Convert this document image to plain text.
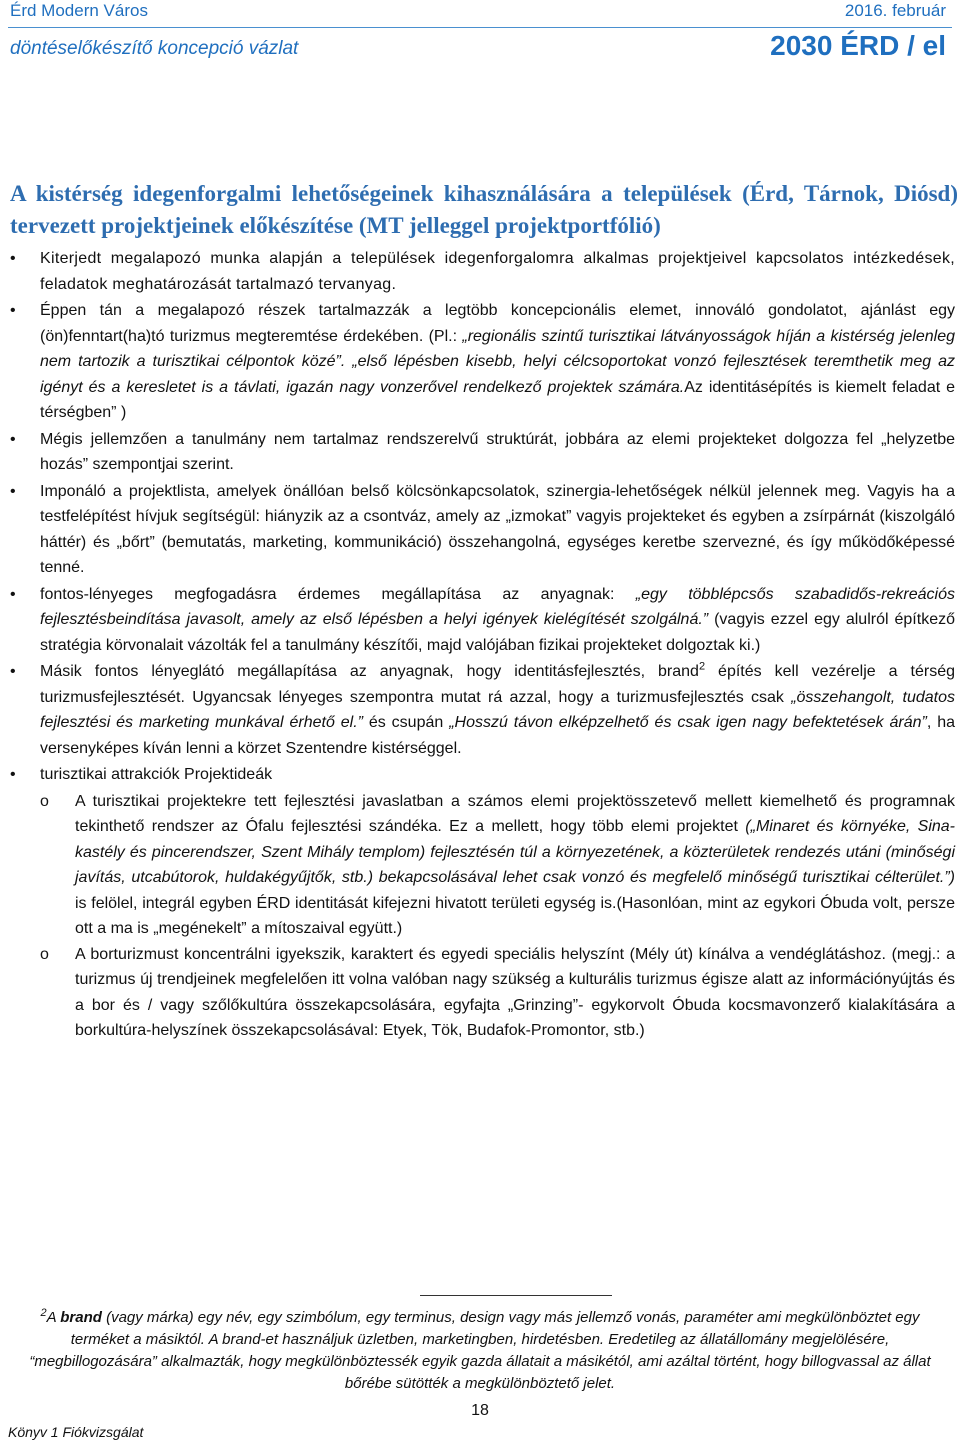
Érd Modern Város	2016. február
döntéselőkészítő koncepció vázlat	2030 ÉRD / el
A kistérség idegenforgalmi lehetőségeinek kihasználására a települések (Érd, Tárnok, Diósd) tervezett projektjeinek előkészítése (MT jelleggel projektportfólió)
• Kiterjedt megalapozó munka alapján a települések idegenforgalomra alkalmas projektjeivel kapcsolatos intézkedések, feladatok meghatározását tartalmazó tervanyag.
• Éppen tán a megalapozó részek tartalmazzák a legtöbb koncepcionális elemet, innováló gondolatot, ajánlást egy (ön)fenntart(ha)tó turizmus megteremtése érdekében. (Pl.: „regionális szintű turisztikai látványosságok híján a kistérség jelenleg nem tartozik a turisztikai célpontok közé”. „első lépésben kisebb, helyi célcsoportokat vonzó fejlesztések teremthetik meg az igényt és a keresletet is a távlati, igazán nagy vonzerővel rendelkező projektek számára.Az identitásépítés is kiemelt feladat e térségben” )
• Mégis jellemzően a tanulmány nem tartalmaz rendszerelvű struktúrát, jobbára az elemi projekteket dolgozza fel „helyzetbe hozás” szempontjai szerint.
• Imponáló a projektlista, amelyek önállóan belső kölcsönkapcsolatok, szinergia-lehetőségek nélkül jelennek meg. Vagyis ha a testfelépítést hívjuk segítségül: hiányzik az a csontváz, amely az „izmokat” vagyis projekteket és egyben a zsírpárnát (kiszolgáló háttér) és „bőrt” (bemutatás, marketing, kommunikáció) összehangolná, egységes keretbe szervezné, és így működőképessé tenné.
• fontos-lényeges megfogadásra érdemes megállapítása az anyagnak: „egy többlépcsős szabadidős-rekreációs fejlesztésbeindítása javasolt, amely az első lépésben a helyi igények kielégítését szolgálná.” (vagyis ezzel egy alulról építkező stratégia körvonalait vázolták fel a tanulmány készítői, majd valójában fizikai projekteket dolgoztak ki.)
• Másik fontos lényeglátó megállapítása az anyagnak, hogy identitásfejlesztés, brand$^2$ építés kell vezérelje a térség turizmusfejlesztését. Ugyancsak lényeges szempontra mutat rá azzal, hogy a turizmusfejlesztés csak „összehangolt, tudatos fejlesztési és marketing munkával érhető el.” és csupán „Hosszú távon elképzelhető és csak igen nagy befektetések árán”, ha versenyképes kíván lenni a körzet Szentendre kistérséggel.
• turisztikai attrakciók Projektideák
o A turisztikai projektekre tett fejlesztési javaslatban a számos elemi projektösszetevő mellett kiemelhető és programnak tekinthető rendszer az Ófalu fejlesztési szándéka. Ez a mellett, hogy több elemi projektet („Minaret és környéke, Sina-kastély és pincerendszer, Szent Mihály templom) fejlesztésén túl a környezetének, a közterületek rendezés utáni (minőségi javítás, utcabútorok, huldakégyűjtők, stb.) bekapcsolásával lehet csak vonzó és megfelelő minőségű turisztikai célterület.”) is felölel, integrál egyben ÉRD identitását kifejezni hivatott területi egység is.(Hasonlóan, mint az egykori Óbuda volt, persze ott a ma is „megénekelt” a mítoszaival együtt.)
o A borturizmust koncentrálni igyekszik, karaktert és egyedi speciális helyszínt (Mély út) kínálva a vendéglátáshoz. (megj.: a turizmus új trendjeinek megfelelően itt volna valóban nagy szükség a kulturális turizmus égisze alatt az információnyújtás és a bor és / vagy szőlőkultúra összekapcsolására, egyfajta „Grinzing”- egykorvolt Óbuda kocsmavonzerő kialakítására a borkultúra-helyszínek összekapcsolásával: Etyek, Tök, Budafok-Promontor, stb.)
$^2$A brand (vagy márka) egy név, egy szimbólum, egy terminus, design vagy más jellemző vonás, paraméter ami megkülönböztet egy terméket a másiktól. A brand-et használjuk üzletben, marketingben, hirdetésben. Eredetileg az állatállomány megjelölésére, “megbillogozására” alkalmazták, hogy megkülönböztessék egyik gazda állatait a másikétól, ami azáltal történt, hogy billogvassal az állat bőrébe sütötték a megkülönböztető jelet.
18
Könyv 1 Fiókvizsgálat
